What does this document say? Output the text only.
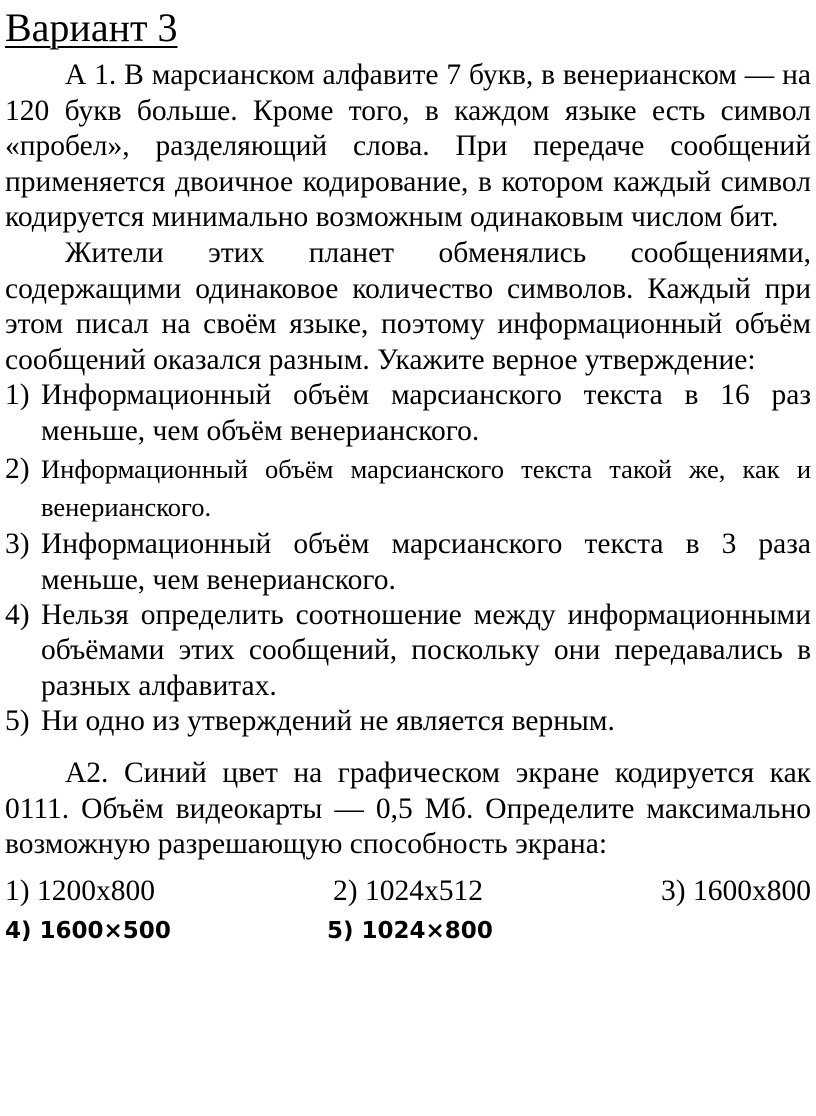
Вариант 3

А 1. В марсианском алфавите 7 букв, в венерианском — на 120 букв больше. Кроме того, в каждом языке есть символ «пробел», разделяющий слова. При передаче сообщений применяется двоичное кодирование, в котором каждый символ кодируется минимально возможным одинаковым числом бит.

Жители этих планет обменялись сообщениями, содержащими одинаковое количество символов. Каждый при этом писал на своём языке, поэтому информационный объём сообщений оказался разным. Укажите верное утверждение:

1) Информационный объём марсианского текста в 16 раз меньше, чем объём венерианского.
2) Информационный объём марсианского текста такой же, как и венерианского.
3) Информационный объём марсианского текста в 3 раза меньше, чем венерианского.
4) Нельзя определить соотношение между информационными объёмами этих сообщений, поскольку они передавались в разных алфавитах.
5) Ни одно из утверждений не является верным.

А2. Синий цвет на графическом экране кодируется как 0111. Объём видеокарты — 0,5 Мб. Определите максимально возможную разрешающую способность экрана:

1) 1200х800	2) 1024х512	3) 1600х800
4) 1600×500	5) 1024×800
